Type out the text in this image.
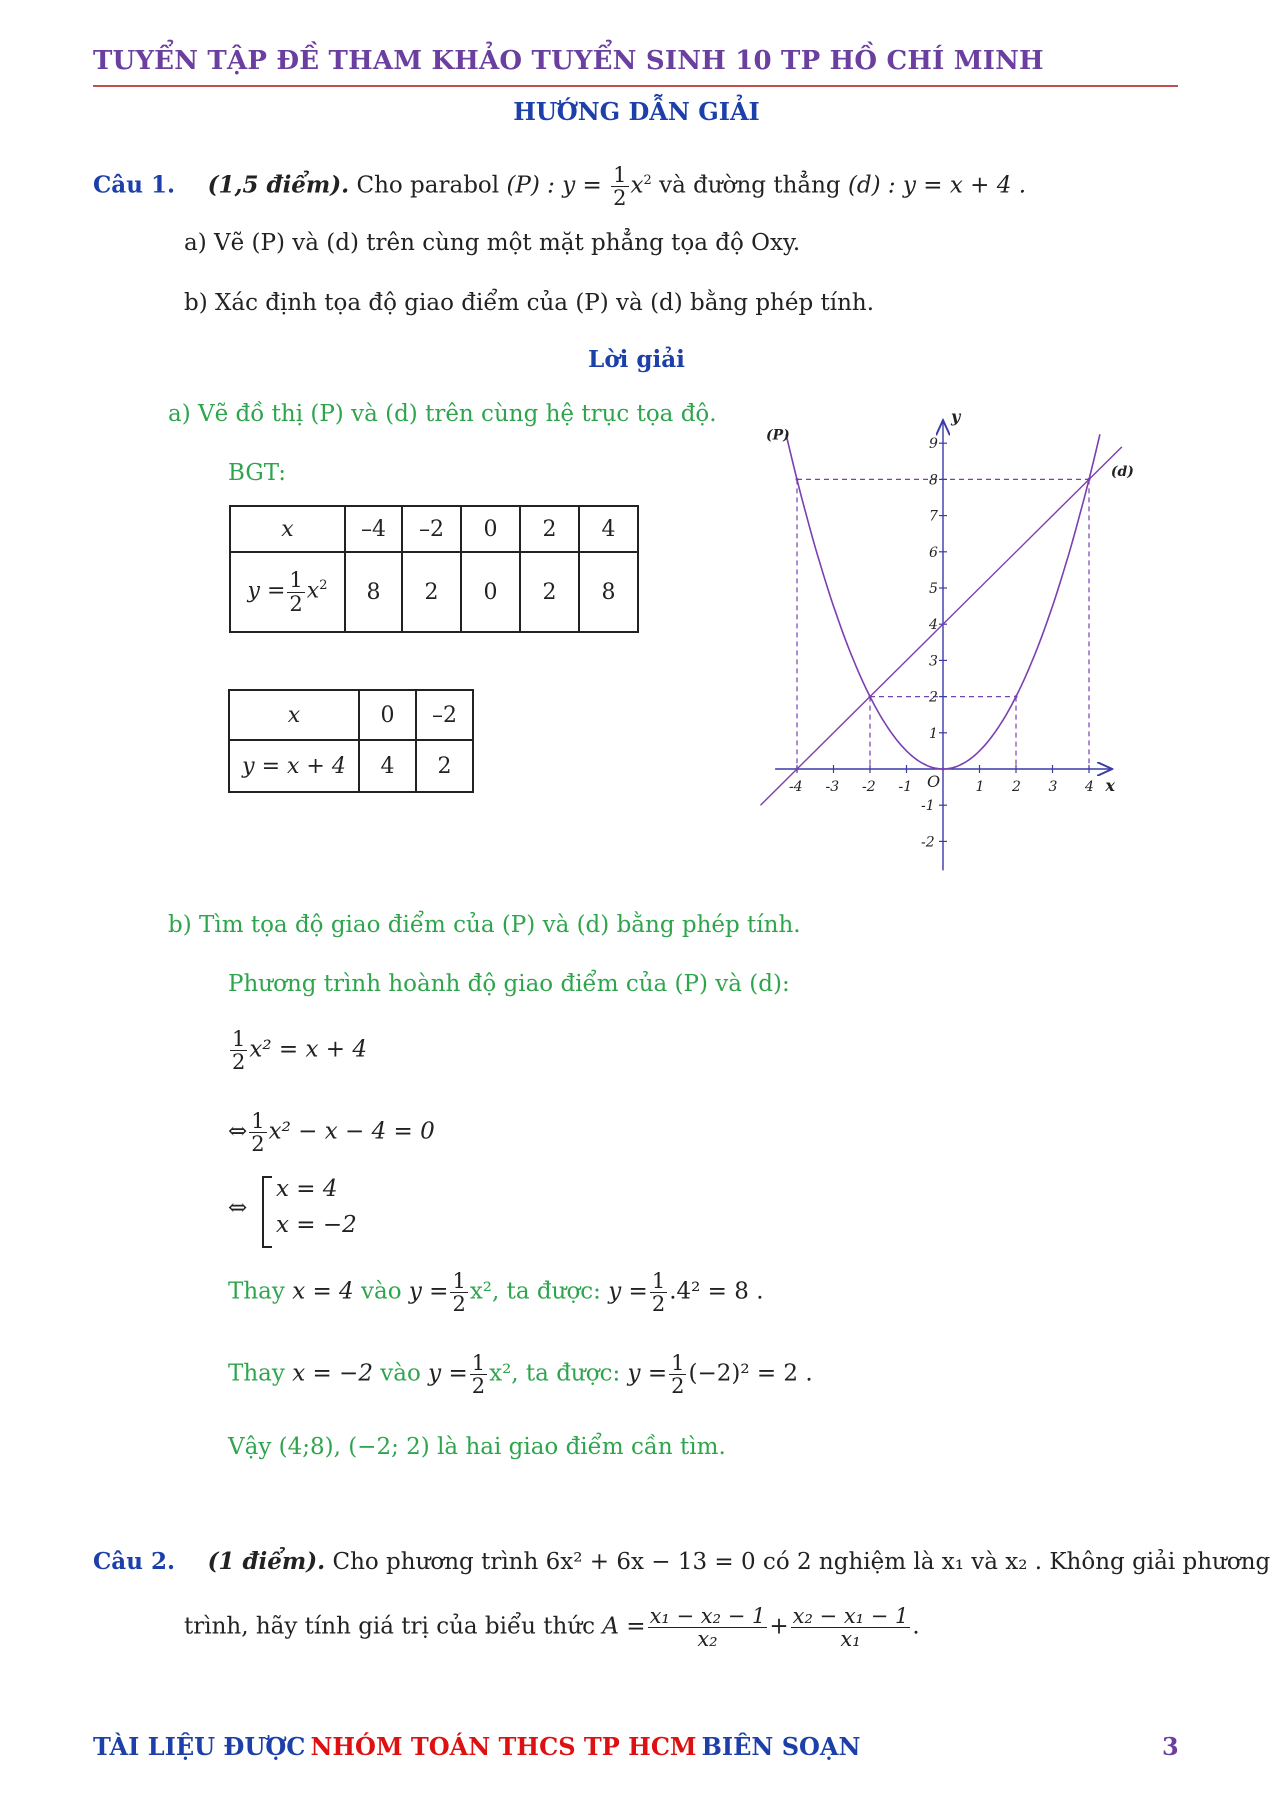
TUYỂN TẬP ĐỀ THAM KHẢO TUYỂN SINH 10 TP HỒ CHÍ MINH
HƯỚNG DẪN GIẢI
Câu 1. (1,5 điểm). Cho parabol (P) : $y = \frac{1}{2} x^2$ và đường thẳng (d) : y = x + 4 .
a) Vẽ (P) và (d) trên cùng một mặt phẳng tọa độ Oxy.
b) Xác định tọa độ giao điểm của (P) và (d) bằng phép tính.
Lời giải
a) Vẽ đồ thị (P) và (d) trên cùng hệ trục tọa độ.
BGT:
x	–4	–2	0	2	4
$y = \frac{1}{2} x^2$	8	2	0	2	8
x	0	–2
y = x + 4	4	2
-4 -3 -2 -1	1 2 3 4
9
8
7
6
5
4
3
2
1
-1
-2
O	x
y
(P)
(d)
b) Tìm tọa độ giao điểm của (P) và (d) bằng phép tính.
Phương trình hoành độ giao điểm của (P) và (d):
$\frac{1}{2} x^2 = x + 4$
⇔ $\frac{1}{2} x^2 - x - 4 = 0$
⇔
x = 4
x = −2
Thay x = 4 vào $y = \frac{1}{2} x^2$, ta được: $y = \frac{1}{2} .4^2 = 8$ .
Thay x = −2 vào $y = \frac{1}{2} x^2$, ta được: $y = \frac{1}{2} (-2)^2 = 2$ .
Vậy (4;8), (−2; 2) là hai giao điểm cần tìm.
Câu 2. (1 điểm). Cho phương trình 6x² + 6x − 13 = 0 có 2 nghiệm là x₁ và x₂ . Không giải phương
trình, hãy tính giá trị của biểu thức $A = \frac{\text{x₁ − x₂ − 1}}{\text{x₂}} + \frac{\text{x₂ − x₁ − 1}}{\text{x₁}}$ .
TÀI LIỆU ĐƯỢC NHÓM TOÁN THCS TP HCM BIÊN SOẠN	3
